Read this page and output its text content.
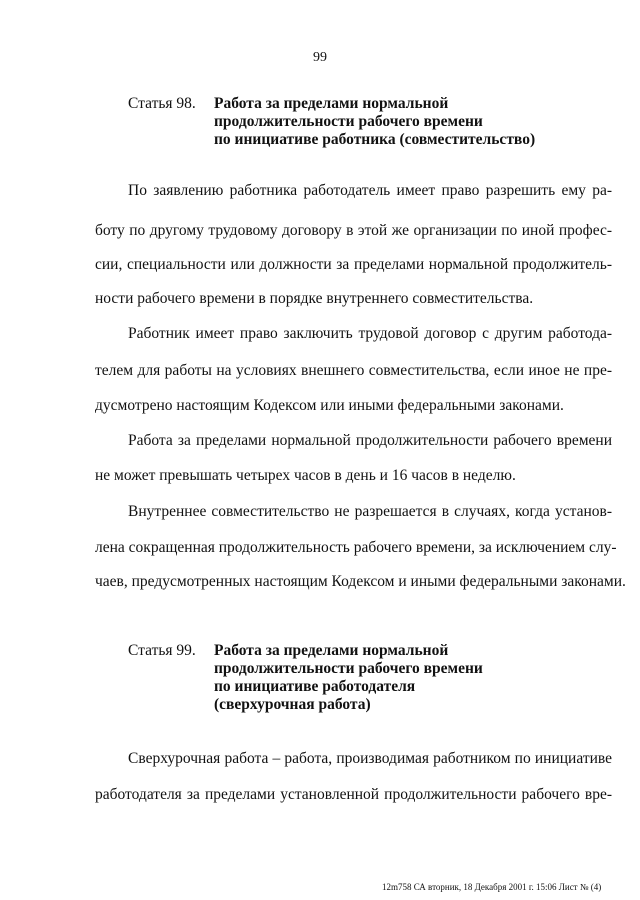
99
Статья 98. Работа за пределами нормальной
продолжительности рабочего времени
по инициативе работника (совместительство)
По заявлению работника работодатель имеет право разрешить ему ра-
боту по другому трудовому договору в этой же организации по иной профес-
сии, специальности или должности за пределами нормальной продолжитель-
ности рабочего времени в порядке внутреннего совместительства.
Работник имеет право заключить трудовой договор с другим работода-
телем для работы на условиях внешнего совместительства, если иное не пре-
дусмотрено настоящим Кодексом или иными федеральными законами.
Работа за пределами нормальной продолжительности рабочего времени
не может превышать четырех часов в день и 16 часов в неделю.
Внутреннее совместительство не разрешается в случаях, когда установ-
лена сокращенная продолжительность рабочего времени, за исключением слу-
чаев, предусмотренных настоящим Кодексом и иными федеральными законами.
Статья 99. Работа за пределами нормальной
продолжительности рабочего времени
по инициативе работодателя
(сверхурочная работа)
Сверхурочная работа – работа, производимая работником по инициативе
работодателя за пределами установленной продолжительности рабочего вре-
12m758 СА вторник, 18 Декабря 2001 г. 15:06 Лист № (4)
